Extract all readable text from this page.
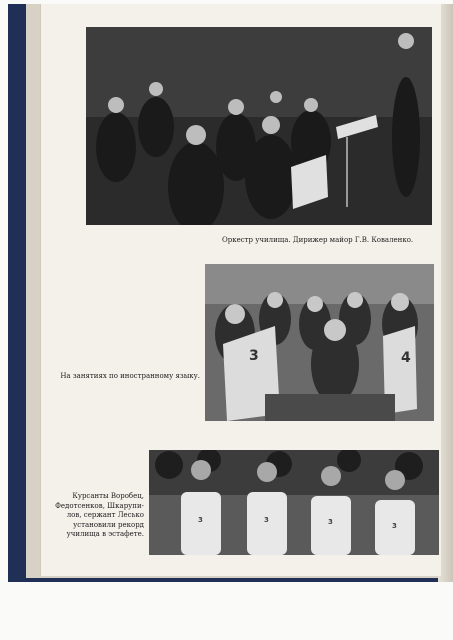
Оркестр училища. Дирижер майор Г.В. Коваленко.
3	4
На занятиях по иностранному языку.
3	3	3	3
Курсанты Воробец,
Федотсенков, Шкарупи-
лов, сержант Лесько
установили рекорд
училища в эстафете.
